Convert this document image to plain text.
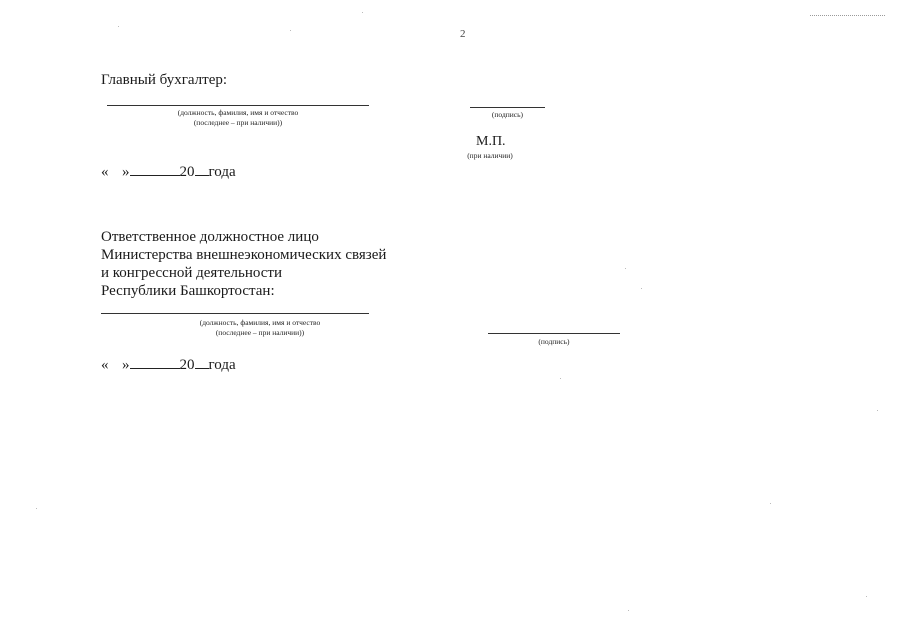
2
Главный бухгалтер:
(должность, фамилия, имя и отчество
(последнее – при наличии))
(подпись)
М.П.
(при наличии)
« »	20 года
Ответственное должностное лицо
Министерства внешнеэкономических связей
и конгрессной деятельности
Республики Башкортостан:
(должность, фамилия, имя и отчество
(последнее – при наличии))
(подпись)
« »	20 года
